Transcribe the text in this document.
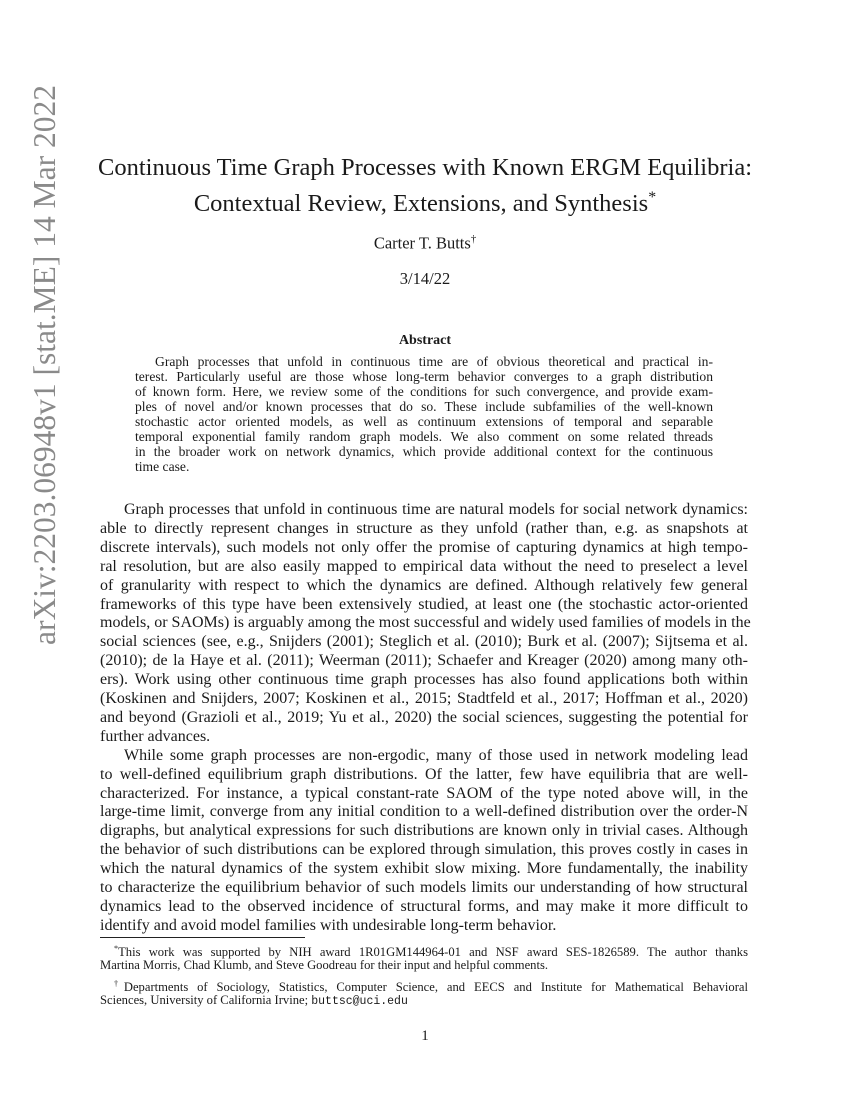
arXiv:2203.06948v1 [stat.ME] 14 Mar 2022	Continuous Time Graph Processes with Known ERGM Equilibria:
Contextual Review, Extensions, and Synthesis*
Carter T. Butts†
3/14/22
Abstract
Graph processes that unfold in continuous time are of obvious theoretical and practical in-
terest. Particularly useful are those whose long-term behavior converges to a graph distribution
of known form. Here, we review some of the conditions for such convergence, and provide exam-
ples of novel and/or known processes that do so. These include subfamilies of the well-known
stochastic actor oriented models, as well as continuum extensions of temporal and separable
temporal exponential family random graph models. We also comment on some related threads
in the broader work on network dynamics, which provide additional context for the continuous
time case.
Graph processes that unfold in continuous time are natural models for social network dynamics:
able to directly represent changes in structure as they unfold (rather than, e.g. as snapshots at
discrete intervals), such models not only offer the promise of capturing dynamics at high tempo-
ral resolution, but are also easily mapped to empirical data without the need to preselect a level
of granularity with respect to which the dynamics are defined. Although relatively few general
frameworks of this type have been extensively studied, at least one (the stochastic actor-oriented
models, or SAOMs) is arguably among the most successful and widely used families of models in the
social sciences (see, e.g., Snijders (2001); Steglich et al. (2010); Burk et al. (2007); Sijtsema et al.
(2010); de la Haye et al. (2011); Weerman (2011); Schaefer and Kreager (2020) among many oth-
ers). Work using other continuous time graph processes has also found applications both within
(Koskinen and Snijders, 2007; Koskinen et al., 2015; Stadtfeld et al., 2017; Hoffman et al., 2020)
and beyond (Grazioli et al., 2019; Yu et al., 2020) the social sciences, suggesting the potential for
further advances.
While some graph processes are non-ergodic, many of those used in network modeling lead
to well-defined equilibrium graph distributions. Of the latter, few have equilibria that are well-
characterized. For instance, a typical constant-rate SAOM of the type noted above will, in the
large-time limit, converge from any initial condition to a well-defined distribution over the order-N
digraphs, but analytical expressions for such distributions are known only in trivial cases. Although
the behavior of such distributions can be explored through simulation, this proves costly in cases in
which the natural dynamics of the system exhibit slow mixing. More fundamentally, the inability
to characterize the equilibrium behavior of such models limits our understanding of how structural
dynamics lead to the observed incidence of structural forms, and may make it more difficult to
identify and avoid model families with undesirable long-term behavior.
*This work was supported by NIH award 1R01GM144964-01 and NSF award SES-1826589. The author thanks
Martina Morris, Chad Klumb, and Steve Goodreau for their input and helpful comments.
†Departments of Sociology, Statistics, Computer Science, and EECS and Institute for Mathematical Behavioral
Sciences, University of California Irvine; buttsc@uci.edu
1
